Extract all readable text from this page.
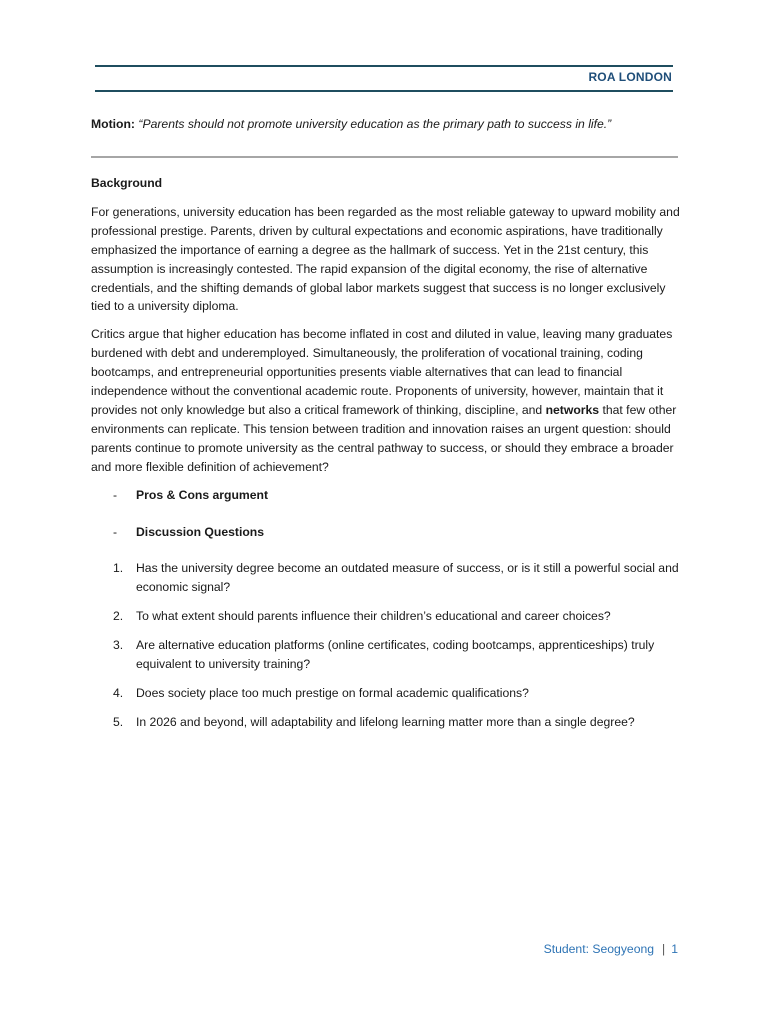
ROA LONDON
Motion: “Parents should not promote university education as the primary path to success in life.”
Background

For generations, university education has been regarded as the most reliable gateway to upward mobility and professional prestige. Parents, driven by cultural expectations and economic aspirations, have traditionally emphasized the importance of earning a degree as the hallmark of success. Yet in the 21st century, this assumption is increasingly contested. The rapid expansion of the digital economy, the rise of alternative credentials, and the shifting demands of global labor markets suggest that success is no longer exclusively tied to a university diploma.

Critics argue that higher education has become inflated in cost and diluted in value, leaving many graduates burdened with debt and underemployed. Simultaneously, the proliferation of vocational training, coding bootcamps, and entrepreneurial opportunities presents viable alternatives that can lead to financial independence without the conventional academic route. Proponents of university, however, maintain that it provides not only knowledge but also a critical framework of thinking, discipline, and networks that few other environments can replicate. This tension between tradition and innovation raises an urgent question: should parents continue to promote university as the central pathway to success, or should they embrace a broader and more flexible definition of achievement?

- Pros & Cons argument
- Discussion Questions
1. Has the university degree become an outdated measure of success, or is it still a powerful social and economic signal?
2. To what extent should parents influence their children’s educational and career choices?
3. Are alternative education platforms (online certificates, coding bootcamps, apprenticeships) truly equivalent to university training?
4. Does society place too much prestige on formal academic qualifications?
5. In 2026 and beyond, will adaptability and lifelong learning matter more than a single degree?
Student: Seogyeong | 1
